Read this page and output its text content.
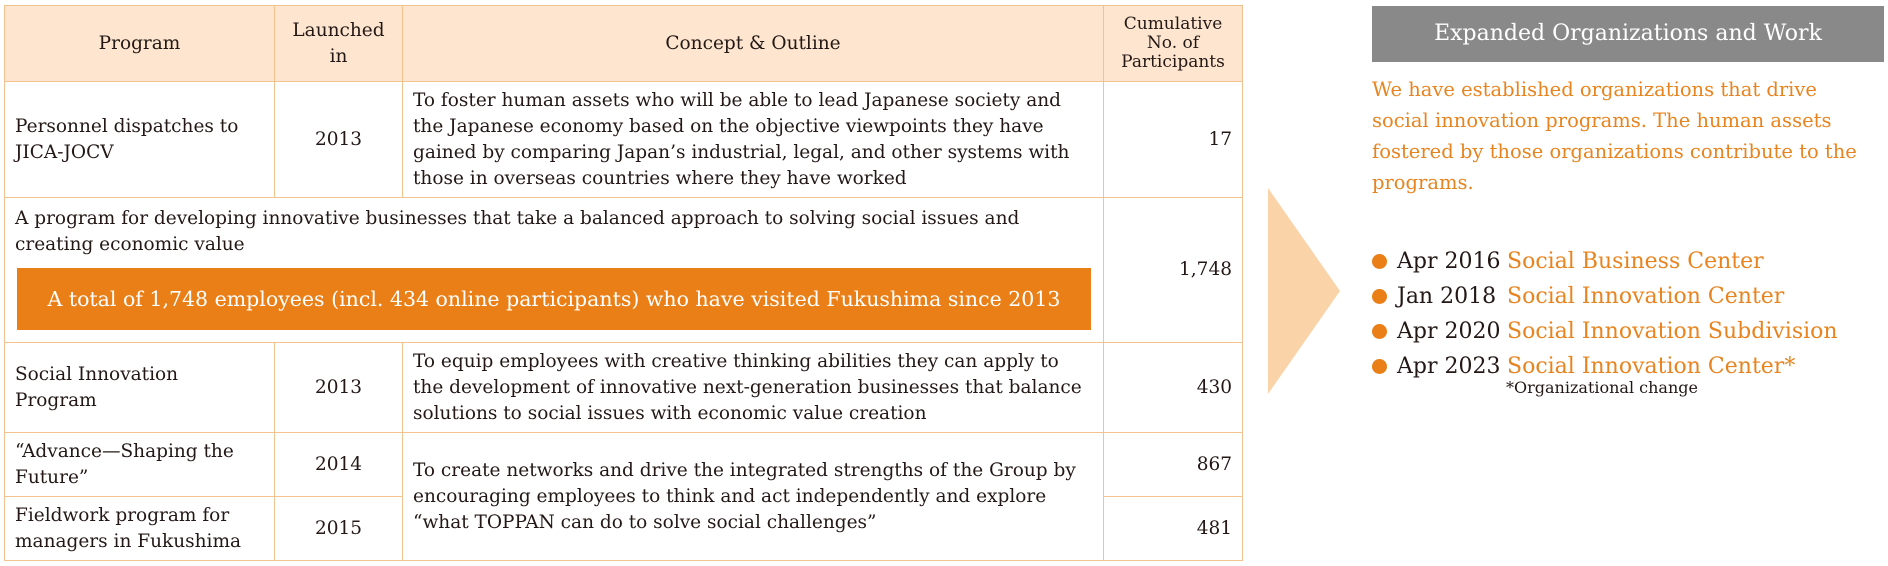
Program	Launched in	Concept & Outline	Cumulative
No. of
Participants

Personnel dispatches to JICA-JOCV	2013	To foster human assets who will be able to lead Japanese society and the Japanese economy based on the objective viewpoints they have gained by comparing Japan’s industrial, legal, and other systems with those in overseas countries where they have worked	17

A program for developing innovative businesses that take a balanced approach to solving social issues and creating economic value
A total of 1,748 employees (incl. 434 online participants) who have visited Fukushima since 2013			1,748
Social Innovation Program	2013	To equip employees with creative thinking abilities they can apply to the development of innovative next-generation businesses that balance solutions to social issues with economic value creation	430
“Advance—Shaping the Future”	2014	To create networks and drive the integrated strengths of the Group by encouraging employees to think and act independently and explore “what TOPPAN can do to solve social challenges”	867
Fieldwork program for managers in Fukushima	2015		481
Expanded Organizations and Work
We have established organizations that drive social innovation programs. The human assets fostered by those organizations contribute to the programs.
Apr 2016 Social Business Center
Jan 2018 Social Innovation Center
Apr 2020 Social Innovation Subdivision
Apr 2023 Social Innovation Center*
*Organizational change
